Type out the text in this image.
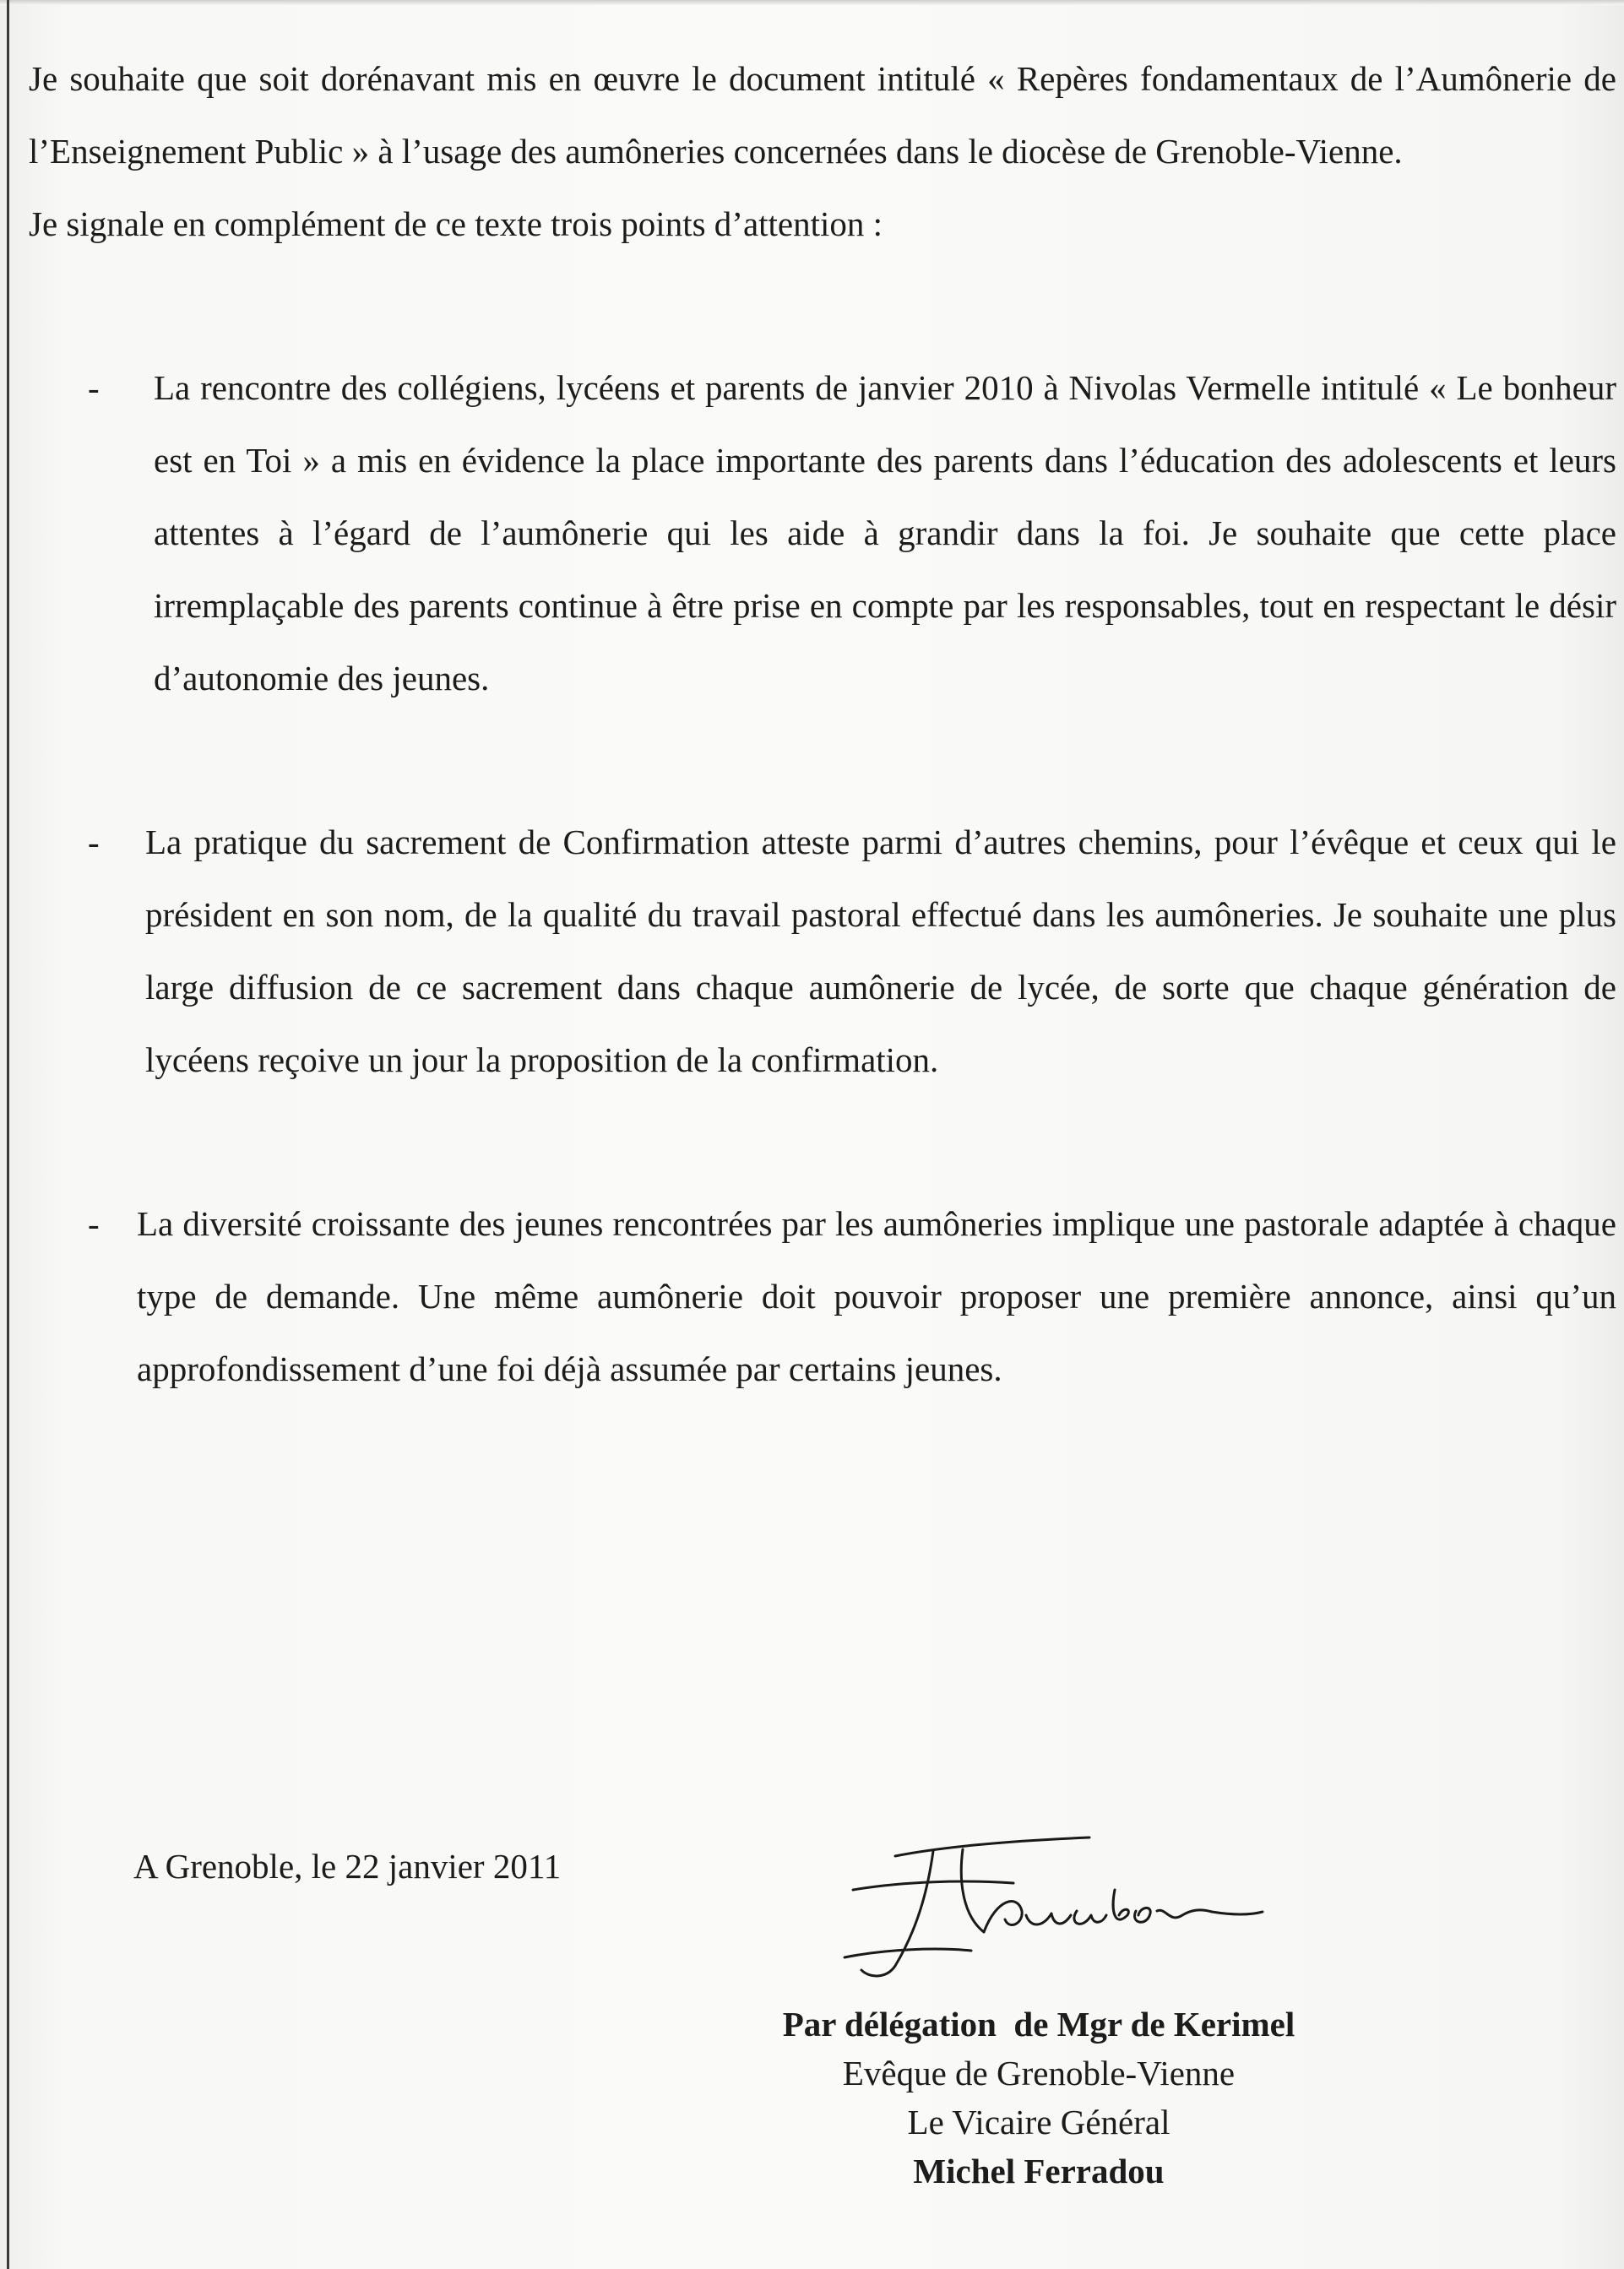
Je souhaite que soit dorénavant mis en œuvre le document intitulé « Repères fondamentaux de l’Aumônerie de l’Enseignement Public » à l’usage des aumôneries concernées dans le diocèse de Grenoble-Vienne.

Je signale en complément de ce texte trois points d’attention :

- La rencontre des collégiens, lycéens et parents de janvier 2010 à Nivolas Vermelle intitulé « Le bonheur est en Toi » a mis en évidence la place importante des parents dans l’éducation des adolescents et leurs attentes à l’égard de l’aumônerie qui les aide à grandir dans la foi. Je souhaite que cette place irremplaçable des parents continue à être prise en compte par les responsables, tout en respectant le désir d’autonomie des jeunes.

- La pratique du sacrement de Confirmation atteste parmi d’autres chemins, pour l’évêque et ceux qui le président en son nom, de la qualité du travail pastoral effectué dans les aumôneries. Je souhaite une plus large diffusion de ce sacrement dans chaque aumônerie de lycée, de sorte que chaque génération de lycéens reçoive un jour la proposition de la confirmation.

- La diversité croissante des jeunes rencontrées par les aumôneries implique une pastorale adaptée à chaque type de demande. Une même aumônerie doit pouvoir proposer une première annonce, ainsi qu’un approfondissement d’une foi déjà assumée par certains jeunes.

A Grenoble, le 22 janvier 2011
Ferradou
Par délégation  de Mgr de Kerimel
Evêque de Grenoble-Vienne
Le Vicaire Général
Michel Ferradou
